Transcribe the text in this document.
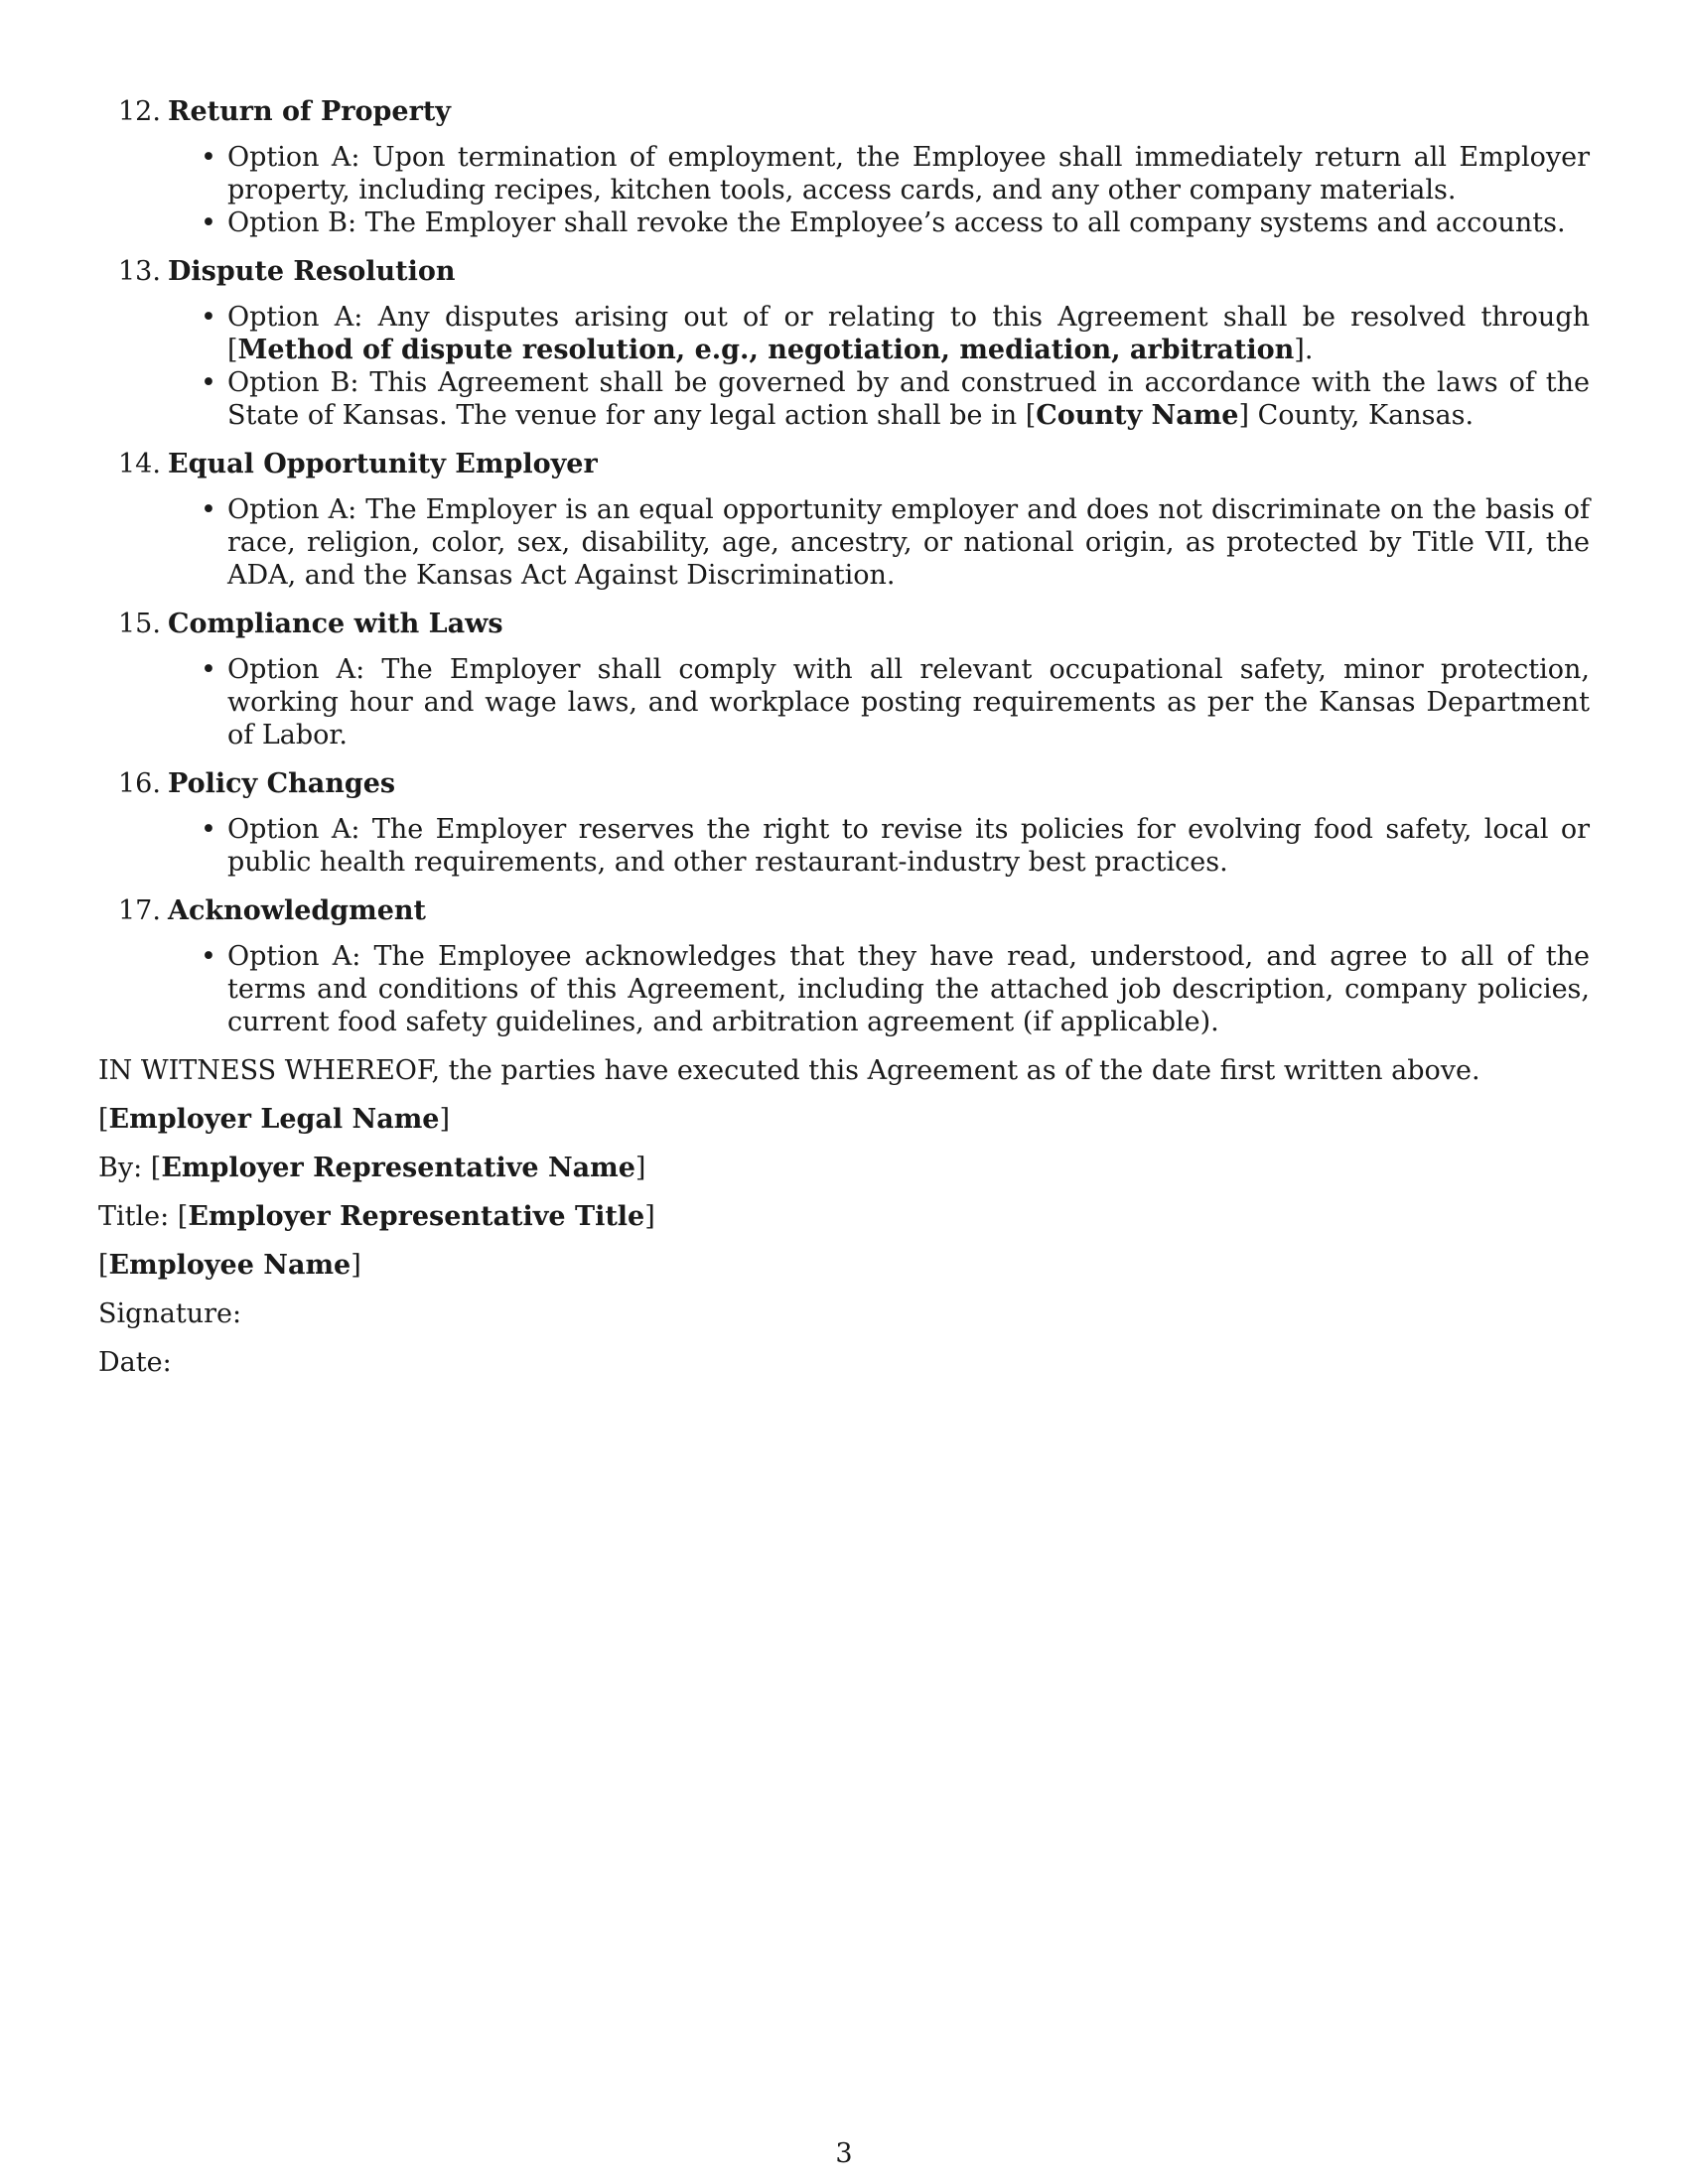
12. Return of Property
• Option A: Upon termination of employment, the Employee shall immediately return all Employer property, including recipes, kitchen tools, access cards, and any other company materials.
• Option B: The Employer shall revoke the Employee’s access to all company systems and accounts.
13. Dispute Resolution
• Option A: Any disputes arising out of or relating to this Agreement shall be resolved through [Method of dispute resolution, e.g., negotiation, mediation, arbitration].
• Option B: This Agreement shall be governed by and construed in accordance with the laws of the State of Kansas. The venue for any legal action shall be in [County Name] County, Kansas.
14. Equal Opportunity Employer
• Option A: The Employer is an equal opportunity employer and does not discriminate on the basis of race, religion, color, sex, disability, age, ancestry, or national origin, as protected by Title VII, the ADA, and the Kansas Act Against Discrimination.
15. Compliance with Laws
• Option A: The Employer shall comply with all relevant occupational safety, minor protection, working hour and wage laws, and workplace posting requirements as per the Kansas Department of Labor.
16. Policy Changes
• Option A: The Employer reserves the right to revise its policies for evolving food safety, local or public health requirements, and other restaurant-industry best practices.
17. Acknowledgment
• Option A: The Employee acknowledges that they have read, understood, and agree to all of the terms and conditions of this Agreement, including the attached job description, company policies, current food safety guidelines, and arbitration agreement (if applicable).

IN WITNESS WHEREOF, the parties have executed this Agreement as of the date first written above.

[Employer Legal Name]

By: [Employer Representative Name]

Title: [Employer Representative Title]

[Employee Name]

Signature:

Date:

3
